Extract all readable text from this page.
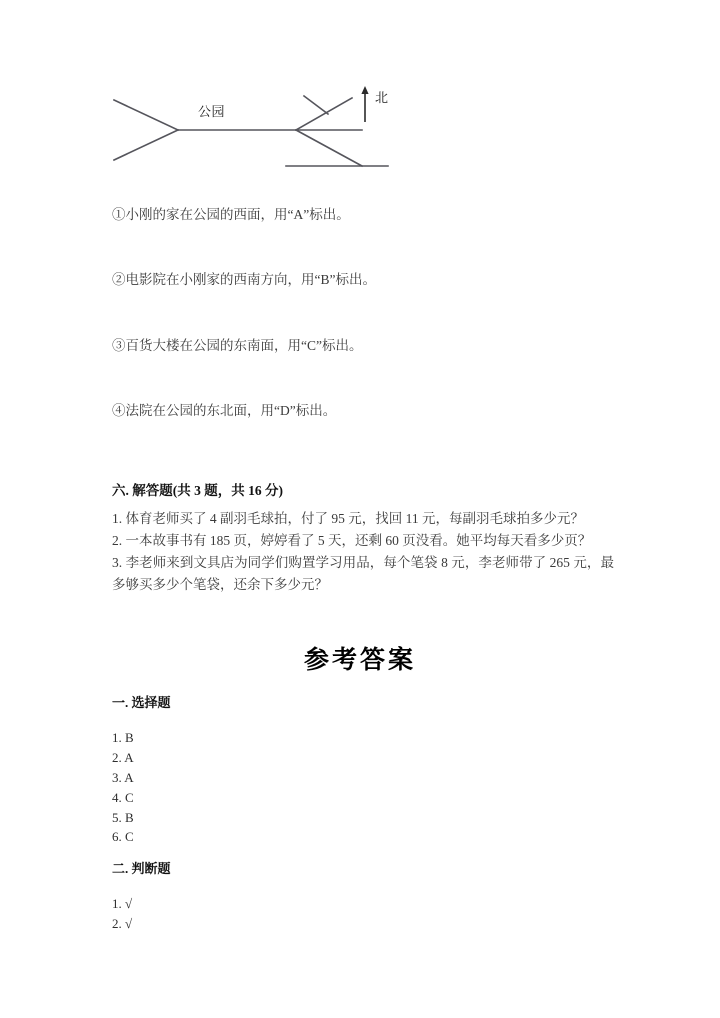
公园
北

①小刚的家在公园的西面，用“A”标出。

②电影院在小刚家的西南方向，用“B”标出。

③百货大楼在公园的东南面，用“C”标出。

④法院在公园的东北面，用“D”标出。

六. 解答题(共 3 题，共 16 分)

1. 体育老师买了 4 副羽毛球拍，付了 95 元，找回 11 元，每副羽毛球拍多少元？

2. 一本故事书有 185 页，婷婷看了 5 天，还剩 60 页没看。她平均每天看多少页？

3. 李老师来到文具店为同学们购置学习用品，每个笔袋 8 元，李老师带了 265 元，最多够买多少个笔袋，还余下多少元？

参考答案
一. 选择题
1. B
2. A
3. A
4. C
5. B
6. C
二. 判断题
1. √
2. √
